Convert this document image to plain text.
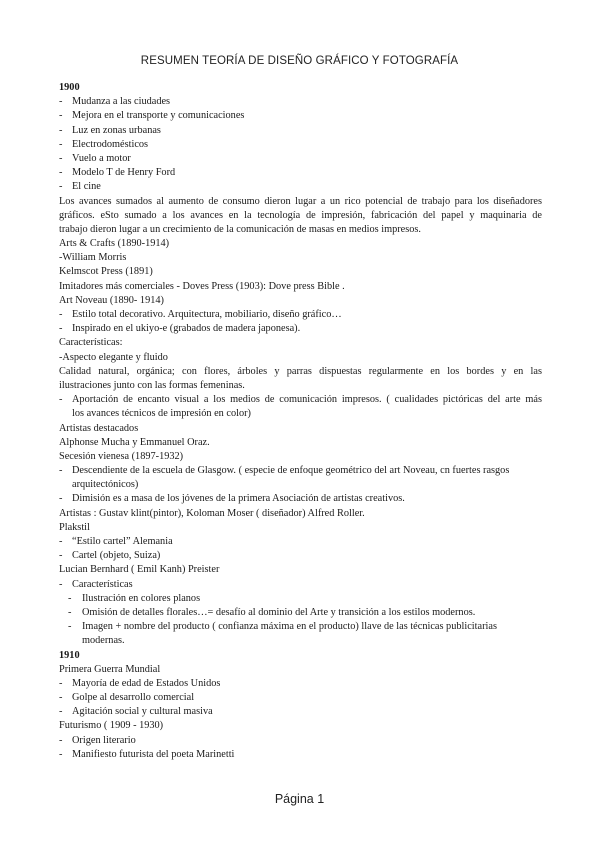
RESUMEN TEORÍA DE DISEÑO GRÁFICO Y FOTOGRAFÍA
1900
- Mudanza a las ciudades
- Mejora en el transporte y comunicaciones
- Luz en zonas urbanas
- Electrodomésticos
- Vuelo a motor
- Modelo T de Henry Ford
- El cine
Los avances sumados al aumento de consumo dieron lugar a un rico potencial de trabajo para los diseñadores
gráficos. eSto sumado a los avances en la tecnología de impresión, fabricación del papel y maquinaria de
trabajo dieron lugar a un crecimiento de la comunicación de masas en medios impresos.
Arts & Crafts (1890-1914)
-William Morris
Kelmscot Press (1891)
Imitadores más comerciales - Doves Press (1903): Dove press Bible .
Art Noveau (1890- 1914)
- Estilo total decorativo. Arquitectura, mobiliario, diseño gráfico…
- Inspirado en el ukiyo-e (grabados de madera japonesa).
Características:
-Aspecto elegante y fluido
Calidad natural, orgánica; con flores, árboles y parras dispuestas regularmente en los bordes y en las
ilustraciones junto con las formas femeninas.
- Aportación de encanto visual a los medios de comunicación impresos. ( cualidades pictóricas del arte más
los avances técnicos de impresión en color)
Artistas destacados
Alphonse Mucha y Emmanuel Oraz.
Secesión vienesa (1897-1932)
- Descendiente de la escuela de Glasgow. ( especie de enfoque geométrico del art Noveau, cn fuertes rasgos
arquitectónicos)
- Dimisión es a masa de los jóvenes de la primera Asociación de artistas creativos.
Artistas : Gustav klint(pintor), Koloman Moser ( diseñador) Alfred Roller.
Plakstil
- “Estilo cartel” Alemania
- Cartel (objeto, Suiza)
Lucian Bernhard ( Emil Kanh) Preister
- Características
-	Ilustración en colores planos
-	Omisión de detalles florales…= desafío al dominio del Arte y transición a los estilos modernos.
-	Imagen + nombre del producto ( confianza máxima en el producto) llave de las técnicas publicitarias
modernas.
1910
Primera Guerra Mundial
- Mayoría de edad de Estados Unidos
- Golpe al desarrollo comercial
- Agitación social y cultural masiva
Futurismo ( 1909 - 1930)
- Origen literario
- Manifiesto futurista del poeta Marinetti
Página 1
